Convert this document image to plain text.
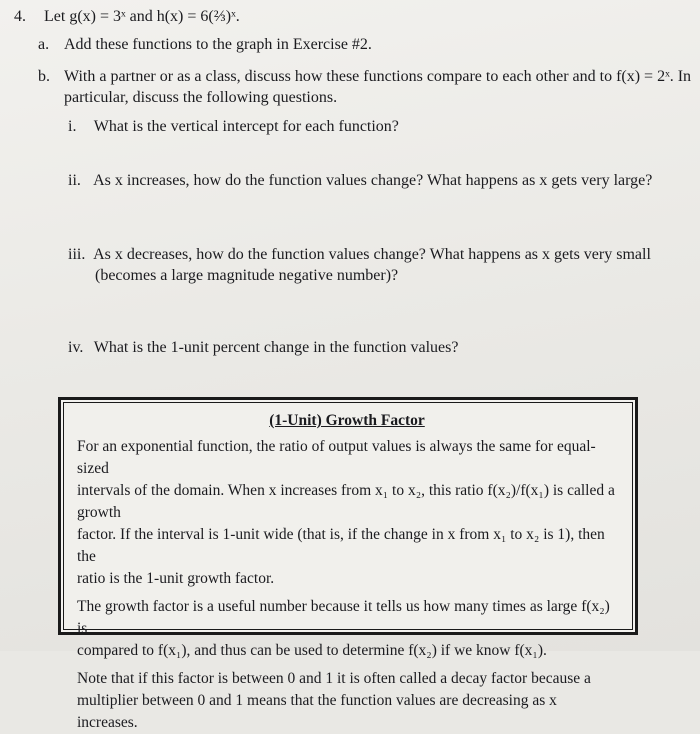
4. Let g(x) = 3ˣ and h(x) = 6(⅔)ˣ.
a. Add these functions to the graph in Exercise #2.
b. With a partner or as a class, discuss how these functions compare to each other and to f(x) = 2ˣ. In
particular, discuss the following questions.
i. What is the vertical intercept for each function?
ii. As x increases, how do the function values change? What happens as x gets very large?
iii. As x decreases, how do the function values change? What happens as x gets very small
(becomes a large magnitude negative number)?
iv. What is the 1-unit percent change in the function values?
(1-Unit) Growth Factor

For an exponential function, the ratio of output values is always the same for equal-sized
intervals of the domain. When x increases from x₁ to x₂, this ratio f(x₂)/f(x₁) is called a growth
factor. If the interval is 1-unit wide (that is, if the change in x from x₁ to x₂ is 1), then the
ratio is the 1-unit growth factor.

The growth factor is a useful number because it tells us how many times as large f(x₂) is
compared to f(x₁), and thus can be used to determine f(x₂) if we know f(x₁).

Note that if this factor is between 0 and 1 it is often called a decay factor because a
multiplier between 0 and 1 means that the function values are decreasing as x increases.
